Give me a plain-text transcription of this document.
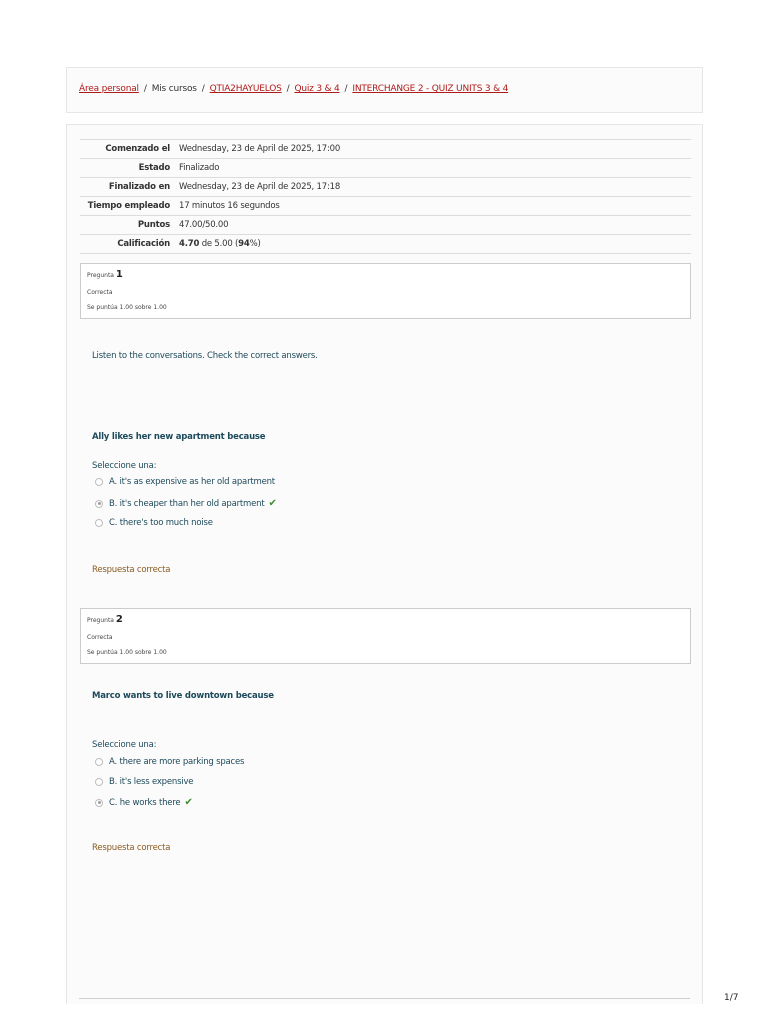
Área personal / Mis cursos / QTIA2HAYUELOS / Quiz 3 & 4 / INTERCHANGE 2 - QUIZ UNITS 3 & 4
Comenzado el	Wednesday, 23 de April de 2025, 17:00
Estado	Finalizado
Finalizado en	Wednesday, 23 de April de 2025, 17:18
Tiempo empleado	17 minutos 16 segundos
Puntos	47.00/50.00
Calificación	4.70 de 5.00 (94%)
Pregunta 1
Correcta
Se puntúa 1.00 sobre 1.00
Listen to the conversations. Check the correct answers.
Ally likes her new apartment because
Seleccione una:
A. it's as expensive as her old apartment
B. it's cheaper than her old apartment ✔
C. there's too much noise
Respuesta correcta
Pregunta 2
Correcta
Se puntúa 1.00 sobre 1.00
Marco wants to live downtown because
Seleccione una:
A. there are more parking spaces
B. it's less expensive
C. he works there ✔
Respuesta correcta
1/7
